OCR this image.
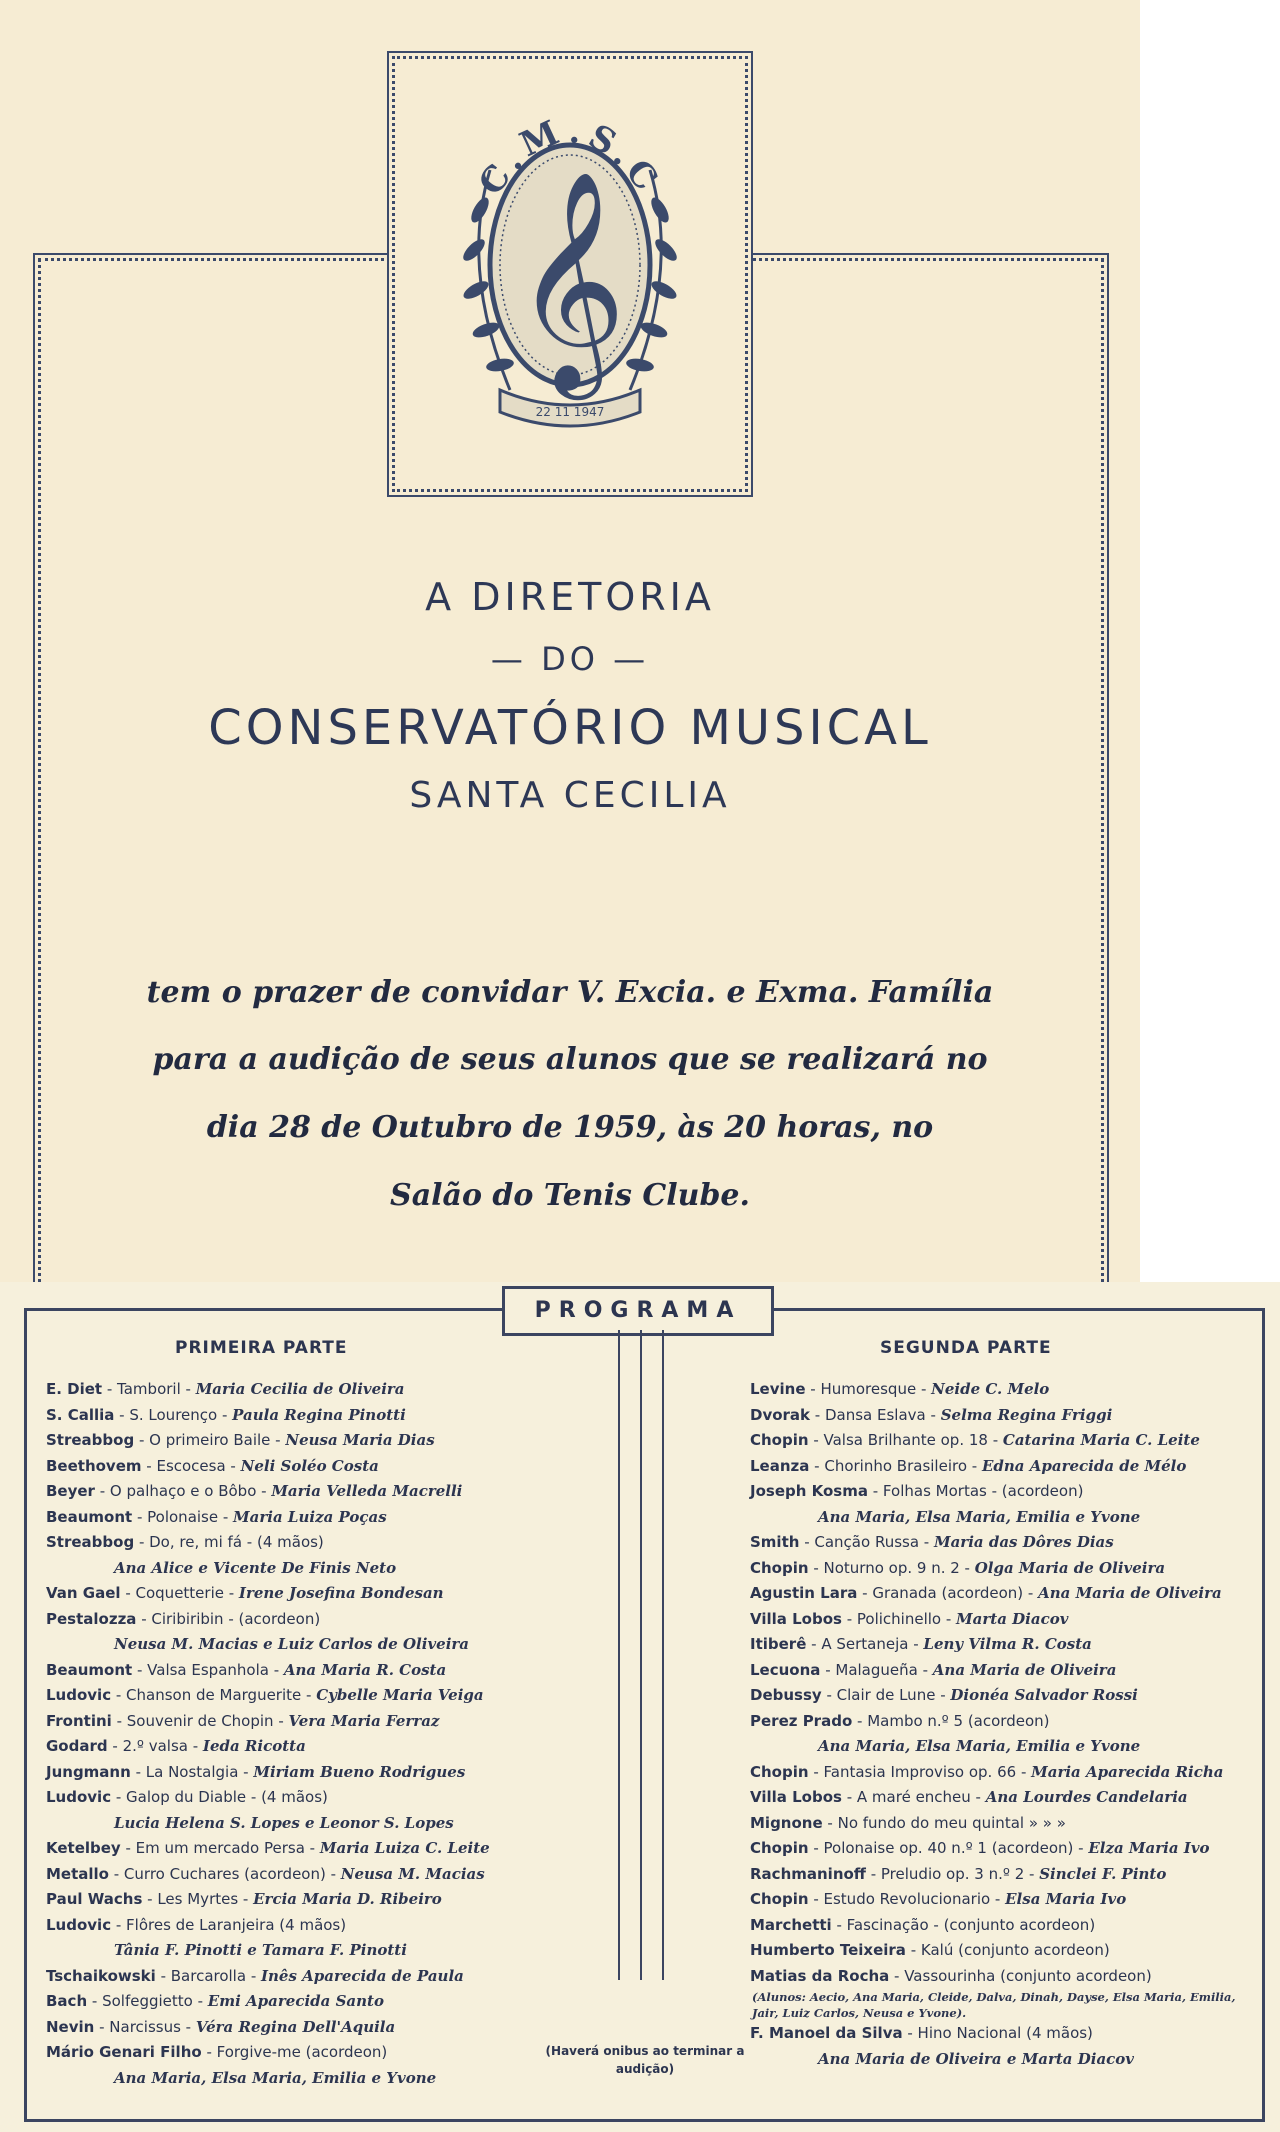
𝄞
C.M.S.C
22 11 1947
A DIRETORIA
— DO —
CONSERVATÓRIO MUSICAL
SANTA CECILIA
tem o prazer de convidar V. Excia. e Exma. Família
para a audição de seus alunos que se realizará no
dia 28 de Outubro de 1959, às 20 horas, no
Salão do Tenis Clube.
PROGRAMA
PRIMEIRA PARTE	SEGUNDA PARTE
E. Diet - Tamboril - Maria Cecilia de Oliveira
S. Callia - S. Lourenço - Paula Regina Pinotti
Streabbog - O primeiro Baile - Neusa Maria Dias
Beethovem - Escocesa - Neli Soléo Costa
Beyer - O palhaço e o Bôbo - Maria Velleda Macrelli
Beaumont - Polonaise - Maria Luiza Poças
Streabbog - Do, re, mi fá - (4 mãos)
Ana Alice e Vicente De Finis Neto
Van Gael - Coquetterie - Irene Josefina Bondesan
Pestalozza - Ciribiribin - (acordeon)
Neusa M. Macias e Luiz Carlos de Oliveira
Beaumont - Valsa Espanhola - Ana Maria R. Costa
Ludovic - Chanson de Marguerite - Cybelle Maria Veiga
Frontini - Souvenir de Chopin - Vera Maria Ferraz
Godard - 2.º valsa - Ieda Ricotta
Jungmann - La Nostalgia - Miriam Bueno Rodrigues
Ludovic - Galop du Diable - (4 mãos)
Lucia Helena S. Lopes e Leonor S. Lopes
Ketelbey - Em um mercado Persa - Maria Luiza C. Leite
Metallo - Curro Cuchares (acordeon) - Neusa M. Macias
Paul Wachs - Les Myrtes - Ercia Maria D. Ribeiro
Ludovic - Flôres de Laranjeira (4 mãos)
Tânia F. Pinotti e Tamara F. Pinotti
Tschaikowski - Barcarolla - Inês Aparecida de Paula
Bach - Solfeggietto - Emi Aparecida Santo
Nevin - Narcissus - Véra Regina Dell'Aquila
Mário Genari Filho - Forgive-me (acordeon)
Ana Maria, Elsa Maria, Emilia e Yvone
Levine - Humoresque - Neide C. Melo
Dvorak - Dansa Eslava - Selma Regina Friggi
Chopin - Valsa Brilhante op. 18 - Catarina Maria C. Leite
Leanza - Chorinho Brasileiro - Edna Aparecida de Mélo
Joseph Kosma - Folhas Mortas - (acordeon)
Ana Maria, Elsa Maria, Emilia e Yvone
Smith - Canção Russa - Maria das Dôres Dias
Chopin - Noturno op. 9 n. 2 - Olga Maria de Oliveira
Agustin Lara - Granada (acordeon) - Ana Maria de Oliveira
Villa Lobos - Polichinello - Marta Diacov
Itiberê - A Sertaneja - Leny Vilma R. Costa
Lecuona - Malagueña - Ana Maria de Oliveira
Debussy - Clair de Lune - Dionéa Salvador Rossi
Perez Prado - Mambo n.º 5 (acordeon)
Ana Maria, Elsa Maria, Emilia e Yvone
Chopin - Fantasia Improviso op. 66 - Maria Aparecida Richa
Villa Lobos - A maré encheu - Ana Lourdes Candelaria
Mignone - No fundo do meu quintal » » »
Chopin - Polonaise op. 40 n.º 1 (acordeon) - Elza Maria Ivo
Rachmaninoff - Preludio op. 3 n.º 2 - Sinclei F. Pinto
Chopin - Estudo Revolucionario - Elsa Maria Ivo
Marchetti - Fascinação - (conjunto acordeon)
Humberto Teixeira - Kalú (conjunto acordeon)
Matias da Rocha - Vassourinha (conjunto acordeon)
(Alunos: Aecio, Ana Maria, Cleide, Dalva, Dinah, Dayse, Elsa Maria, Emilia, Jair, Luiz Carlos, Neusa e Yvone).
F. Manoel da Silva - Hino Nacional (4 mãos)
Ana Maria de Oliveira e Marta Diacov
(Haverá onibus ao terminar a audição)
